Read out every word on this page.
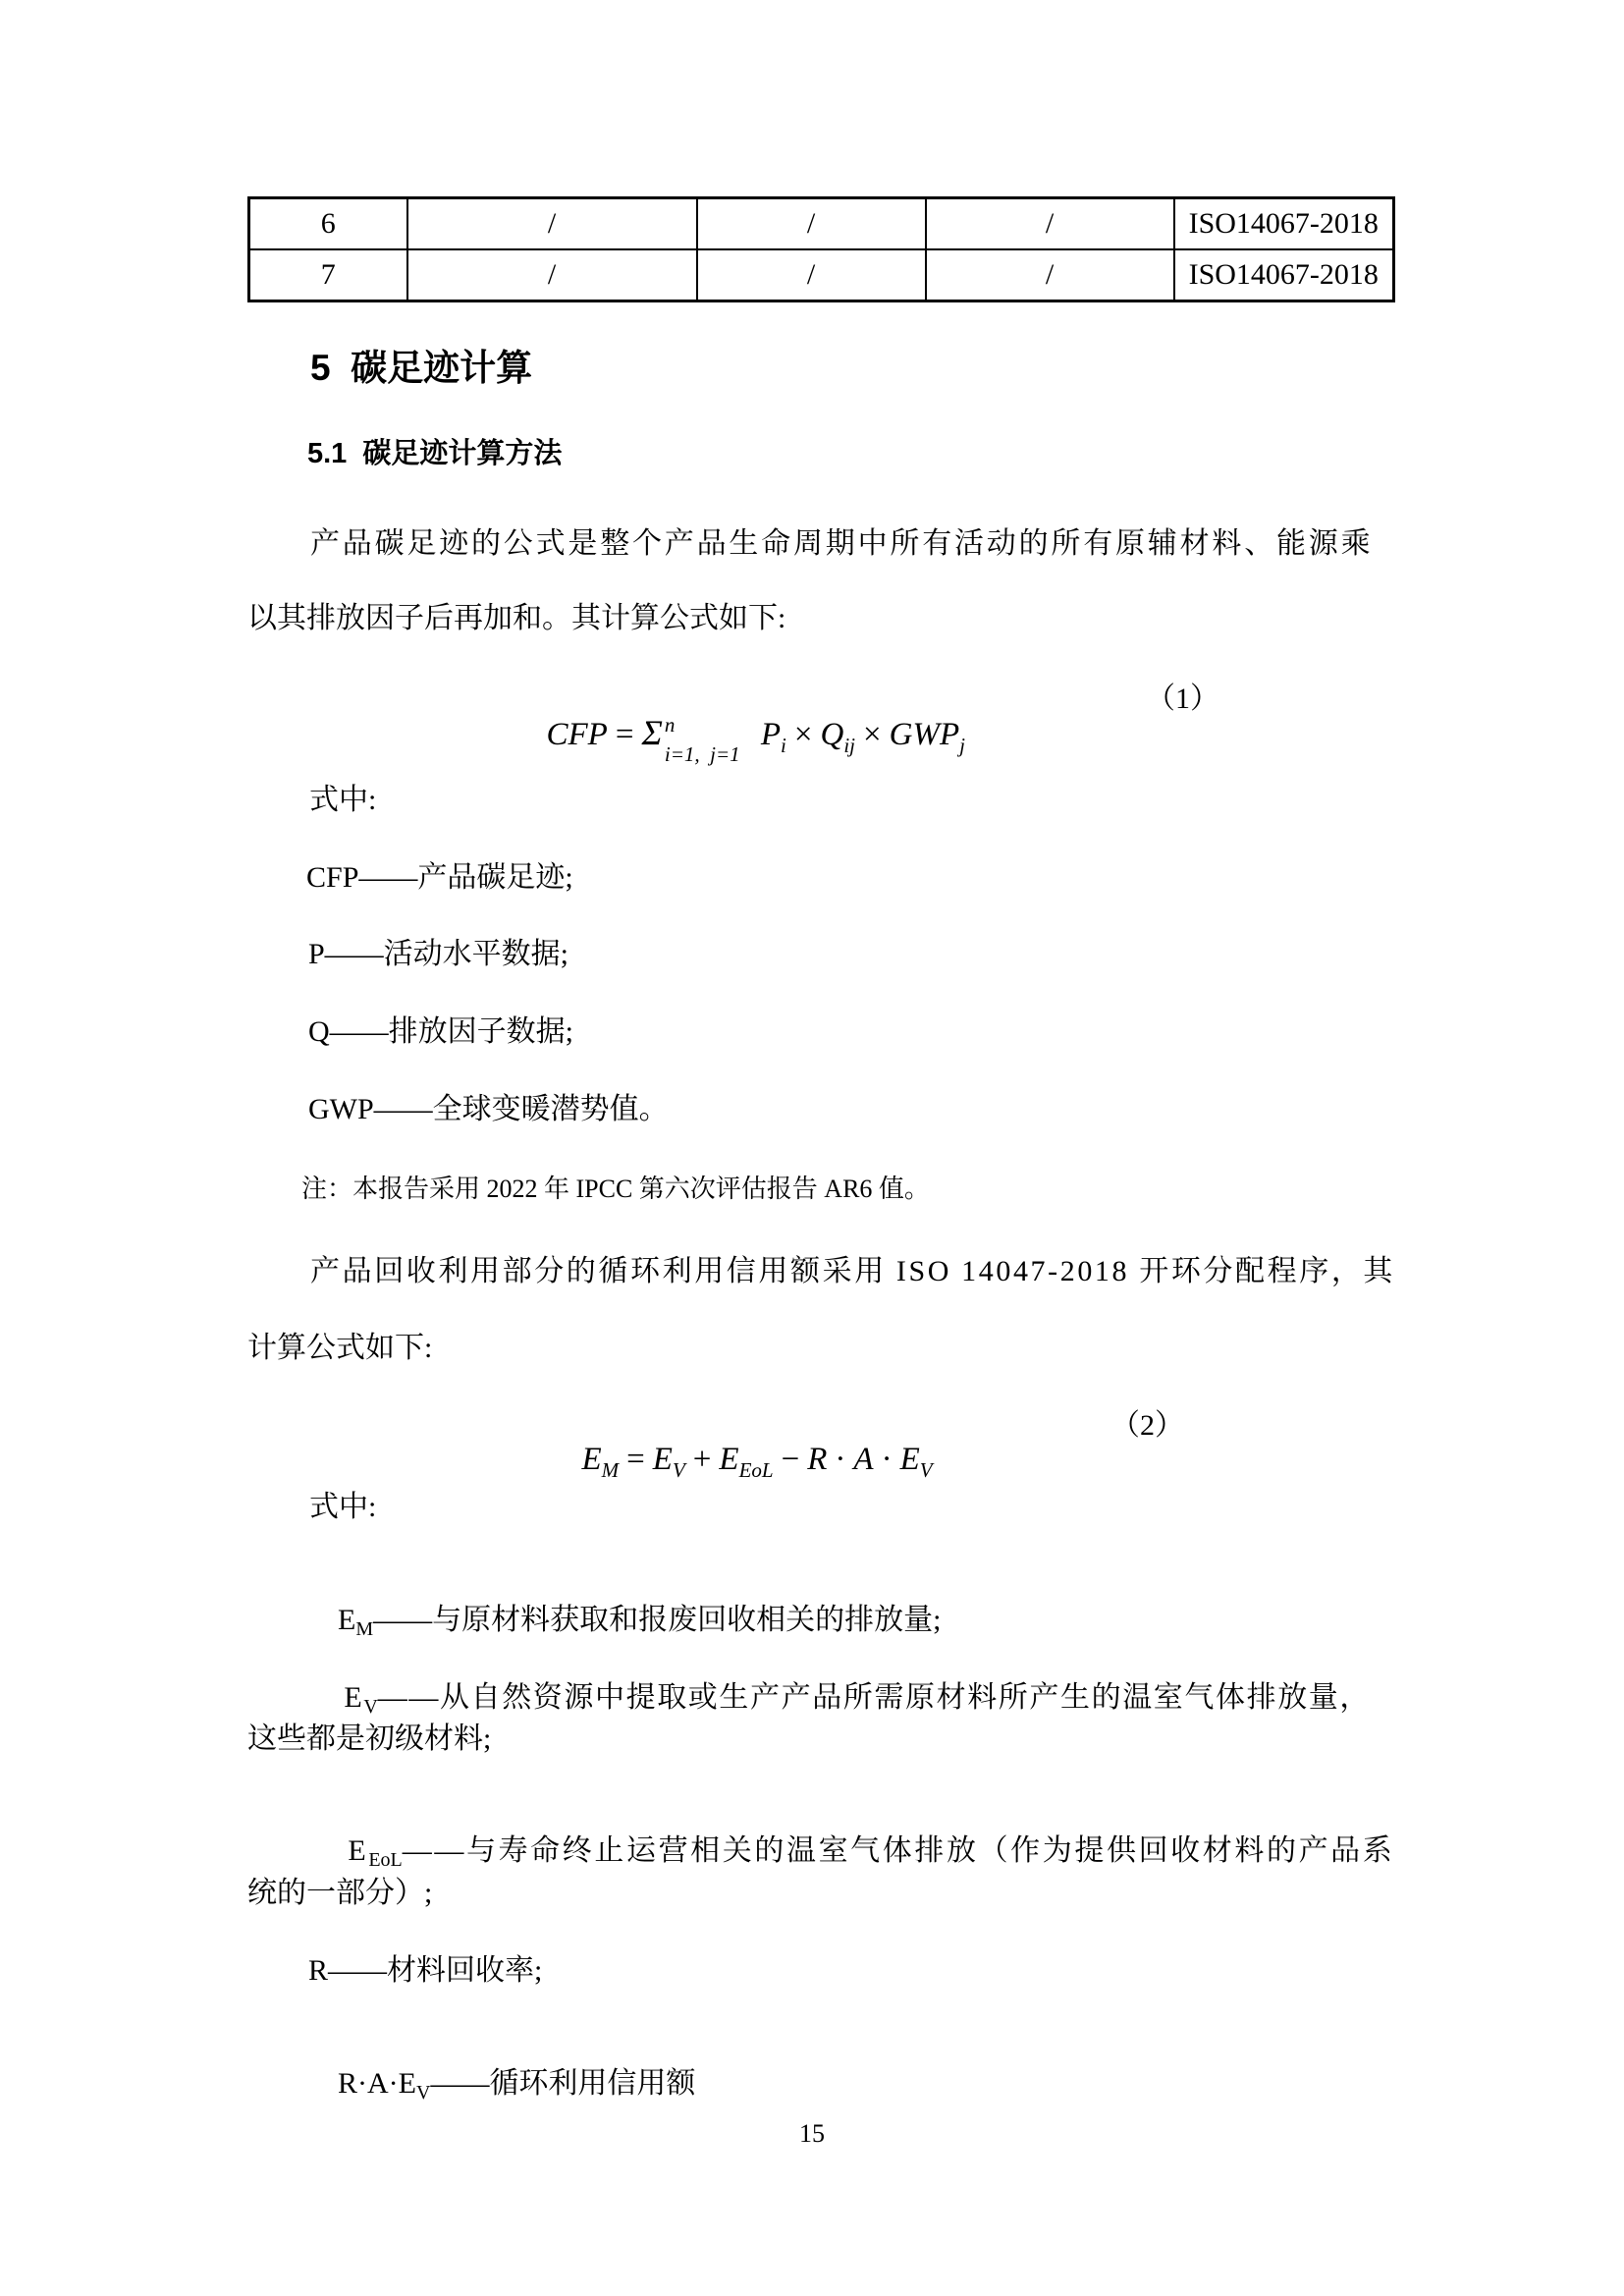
6	/	/	/	ISO14067-2018
7	/	/	/	ISO14067-2018
5  碳足迹计算
5.1  碳足迹计算方法
产品碳足迹的公式是整个产品生命周期中所有活动的所有原辅材料、能源乘
以其排放因子后再加和。其计算公式如下:

CFP = Σ n
i=1,  j=1
$P_i \times Q_{ij} \times GWP_j$

（1）

式中:
CFP——产品碳足迹;
P——活动水平数据;
Q——排放因子数据;
GWP——全球变暖潜势值。
注：本报告采用 2022 年 IPCC 第六次评估报告 AR6 值。
产品回收利用部分的循环利用信用额采用 ISO 14047-2018 开环分配程序，其
计算公式如下:

$E_M = E_V + E_{EoL} - R \cdot A \cdot E_V$

（2）

式中:

$E_M——$与原材料获取和报废回收相关的排放量;

$E_V——$从自然资源中提取或生产产品所需原材料所产生的温室气体排放量，

这些都是初级材料;

$E_{EoL}——$与寿命终止运营相关的温室气体排放（作为提供回收材料的产品系

统的一部分）;
R——材料回收率;

$R\cdot A\cdot E_V——$循环利用信用额

15
